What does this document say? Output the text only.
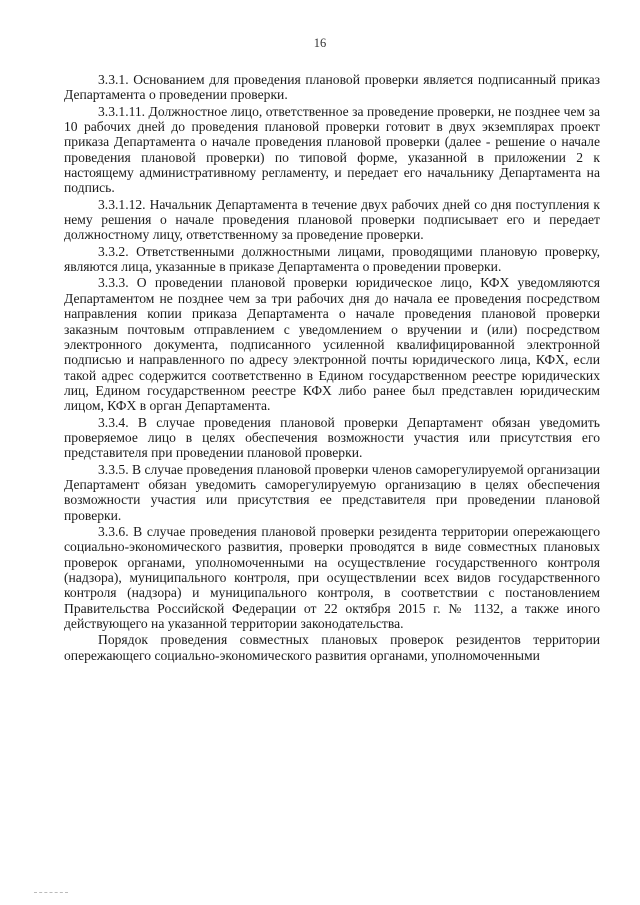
16

3.3.1. Основанием для проведения плановой проверки является подписанный приказ Департамента о проведении проверки.

3.3.1.11. Должностное лицо, ответственное за проведение проверки, не позднее чем за 10 рабочих дней до проведения плановой проверки готовит в двух экземплярах проект приказа Департамента о начале проведения плановой проверки (далее - решение о начале проведения плановой проверки) по типовой форме, указанной в приложении 2 к настоящему административному регламенту, и передает его начальнику Департамента на подпись.

3.3.1.12. Начальник Департамента в течение двух рабочих дней со дня поступления к нему решения о начале проведения плановой проверки подписывает его и передает должностному лицу, ответственному за проведение проверки.

3.3.2. Ответственными должностными лицами, проводящими плановую проверку, являются лица, указанные в приказе Департамента о проведении проверки.

3.3.3. О проведении плановой проверки юридическое лицо, КФХ уведомляются Департаментом не позднее чем за три рабочих дня до начала ее проведения посредством направления копии приказа Департамента о начале проведения плановой проверки заказным почтовым отправлением с уведомлением о вручении и (или) посредством электронного документа, подписанного усиленной квалифицированной электронной подписью и направленного по адресу электронной почты юридического лица, КФХ, если такой адрес содержится соответственно в Едином государственном реестре юридических лиц, Едином государственном реестре КФХ либо ранее был представлен юридическим лицом, КФХ в орган Департамента.

3.3.4. В случае проведения плановой проверки Департамент обязан уведомить проверяемое лицо в целях обеспечения возможности участия или присутствия его представителя при проведении плановой проверки.

3.3.5. В случае проведения плановой проверки членов саморегулируемой организации Департамент обязан уведомить саморегулируемую организацию в целях обеспечения возможности участия или присутствия ее представителя при проведении плановой проверки.

3.3.6. В случае проведения плановой проверки резидента территории опережающего социально-экономического развития, проверки проводятся в виде совместных плановых проверок органами, уполномоченными на осуществление государственного контроля (надзора), муниципального контроля, при осуществлении всех видов государственного контроля (надзора) и муниципального контроля, в соответствии с постановлением Правительства Российской Федерации от 22 октября 2015 г. № 1132, а также иного действующего на указанной территории законодательства.

Порядок проведения совместных плановых проверок резидентов территории опережающего социально-экономического развития органами, уполномоченными
